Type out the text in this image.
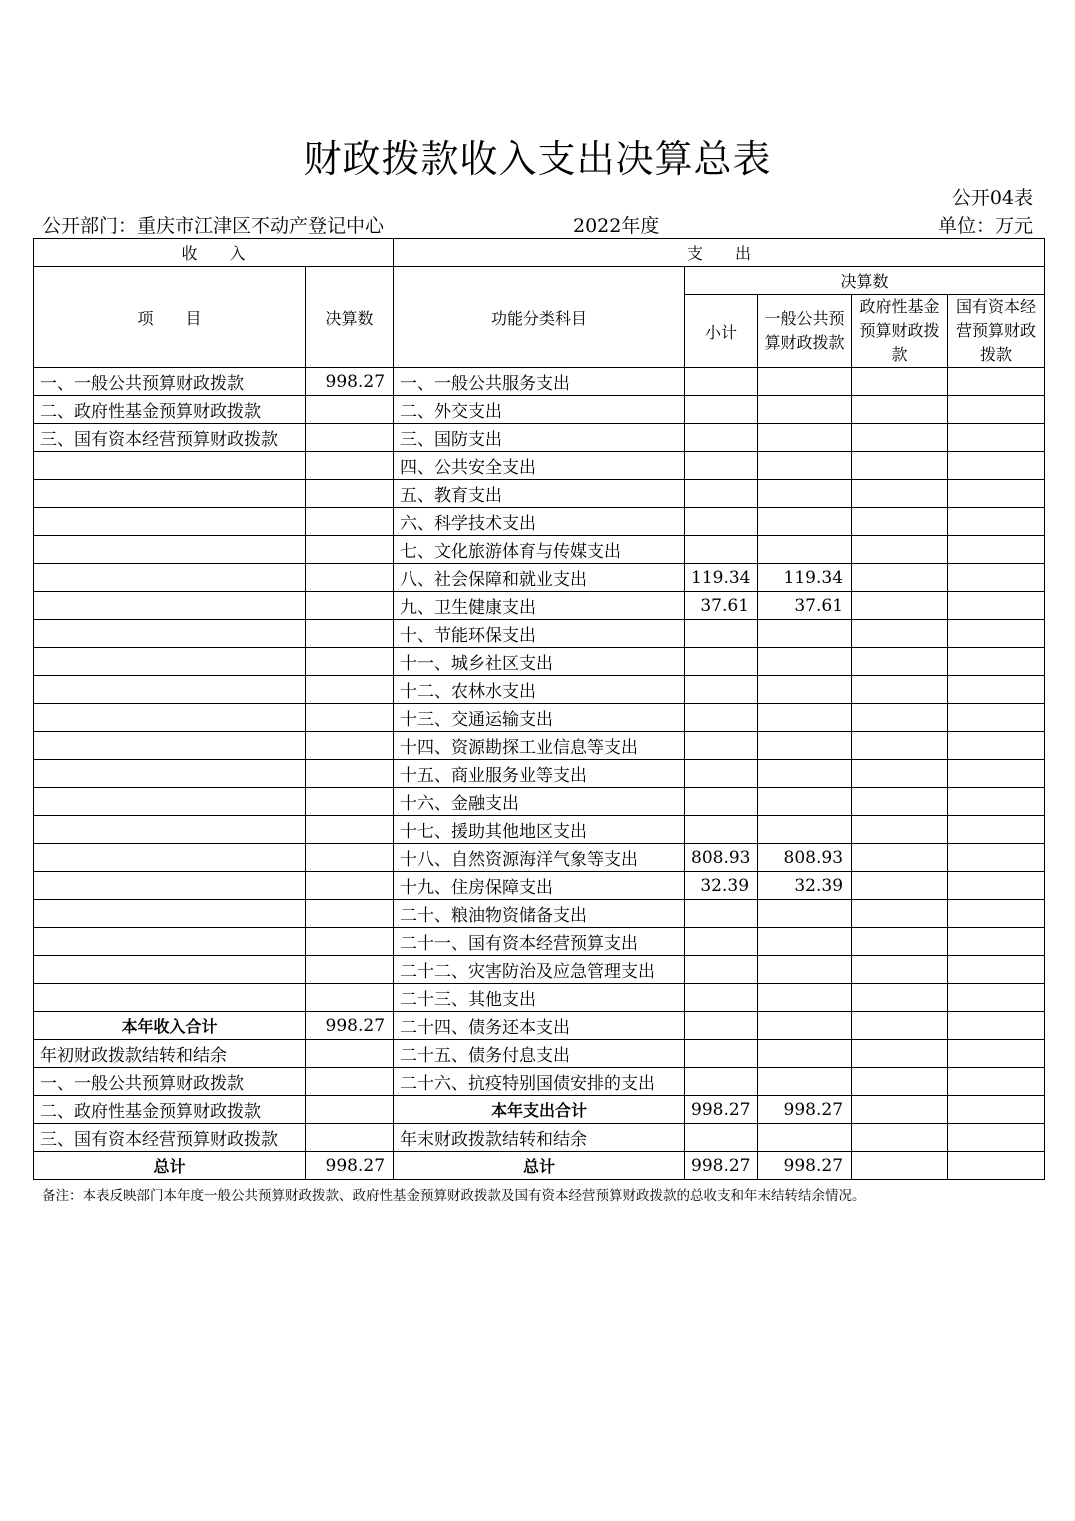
财政拨款收入支出决算总表
公开04表
公开部门：重庆市江津区不动产登记中心	2022年度	单位：万元
收　　入		支　　出				
项　　目	决算数	功能分类科目	决算数			
			小计	一般公共预算财政拨款	政府性基金预算财政拨款	国有资本经营预算财政拨款
一、一般公共预算财政拨款	998.27	一、一般公共服务支出				
二、政府性基金预算财政拨款		二、外交支出				
三、国有资本经营预算财政拨款		三、国防支出				
		四、公共安全支出				
		五、教育支出				
		六、科学技术支出				
		七、文化旅游体育与传媒支出				
		八、社会保障和就业支出	119.34	119.34		
		九、卫生健康支出	37.61	37.61		
		十、节能环保支出				
		十一、城乡社区支出				
		十二、农林水支出				
		十三、交通运输支出				
		十四、资源勘探工业信息等支出				
		十五、商业服务业等支出				
		十六、金融支出				
		十七、援助其他地区支出				
		十八、自然资源海洋气象等支出	808.93	808.93		
		十九、住房保障支出	32.39	32.39		
		二十、粮油物资储备支出				
		二十一、国有资本经营预算支出				
		二十二、灾害防治及应急管理支出				
		二十三、其他支出				
本年收入合计	998.27	二十四、债务还本支出				
年初财政拨款结转和结余		二十五、债务付息支出				
一、一般公共预算财政拨款		二十六、抗疫特别国债安排的支出				
二、政府性基金预算财政拨款		本年支出合计	998.27	998.27		
三、国有资本经营预算财政拨款		年末财政拨款结转和结余				
总计	998.27	总计	998.27	998.27		
备注：本表反映部门本年度一般公共预算财政拨款、政府性基金预算财政拨款及国有资本经营预算财政拨款的总收支和年末结转结余情况。
